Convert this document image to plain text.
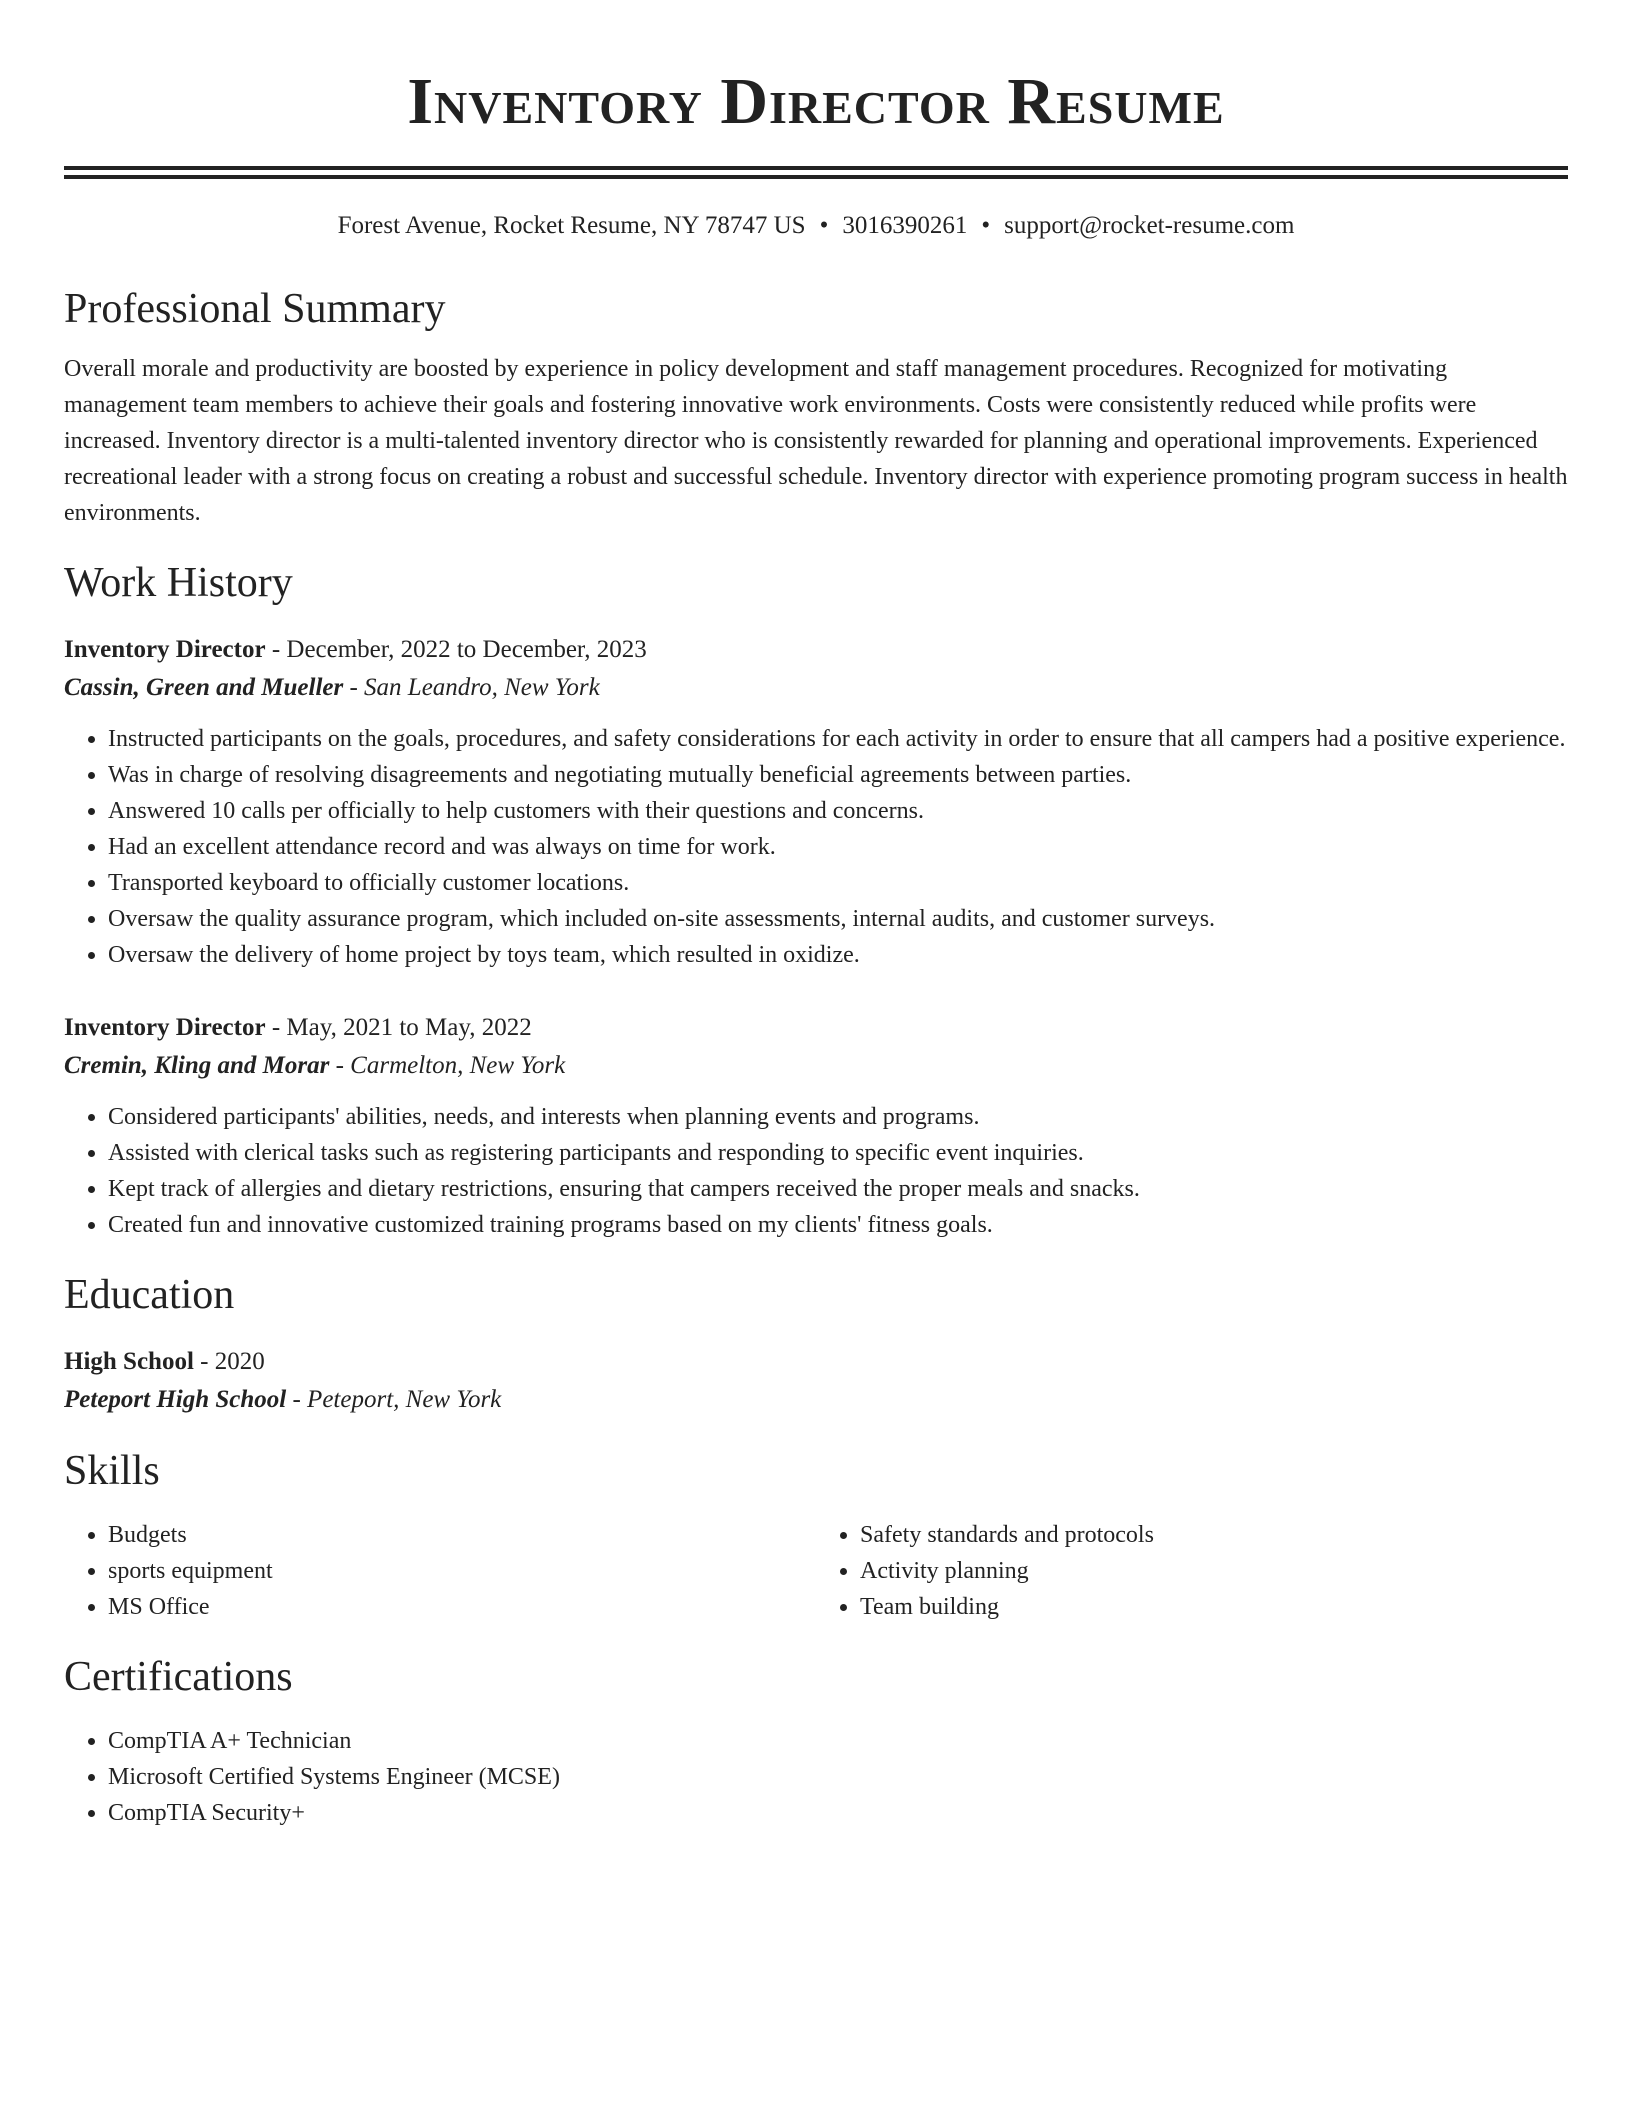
Inventory Director Resume
Forest Avenue, Rocket Resume, NY 78747 US • 3016390261 • support@rocket-resume.com
Professional Summary

Overall morale and productivity are boosted by experience in policy development and staff management procedures. Recognized for motivating management team members to achieve their goals and fostering innovative work environments. Costs were consistently reduced while profits were increased. Inventory director is a multi-talented inventory director who is consistently rewarded for planning and operational improvements. Experienced recreational leader with a strong focus on creating a robust and successful schedule. Inventory director with experience promoting program success in health environments.

Work History
Inventory Director - December, 2022 to December, 2023
Cassin, Green and Mueller - San Leandro, New York
• Instructed participants on the goals, procedures, and safety considerations for each activity in order to ensure that all campers had a positive experience.
• Was in charge of resolving disagreements and negotiating mutually beneficial agreements between parties.
• Answered 10 calls per officially to help customers with their questions and concerns.
• Had an excellent attendance record and was always on time for work.
• Transported keyboard to officially customer locations.
• Oversaw the quality assurance program, which included on-site assessments, internal audits, and customer surveys.
• Oversaw the delivery of home project by toys team, which resulted in oxidize.
Inventory Director - May, 2021 to May, 2022
Cremin, Kling and Morar - Carmelton, New York
• Considered participants' abilities, needs, and interests when planning events and programs.
• Assisted with clerical tasks such as registering participants and responding to specific event inquiries.
• Kept track of allergies and dietary restrictions, ensuring that campers received the proper meals and snacks.
• Created fun and innovative customized training programs based on my clients' fitness goals.
Education
High School - 2020
Peteport High School - Peteport, New York
Skills
• Budgets
• sports equipment
• MS Office
• Safety standards and protocols
• Activity planning
• Team building
Certifications
• CompTIA A+ Technician
• Microsoft Certified Systems Engineer (MCSE)
• CompTIA Security+
